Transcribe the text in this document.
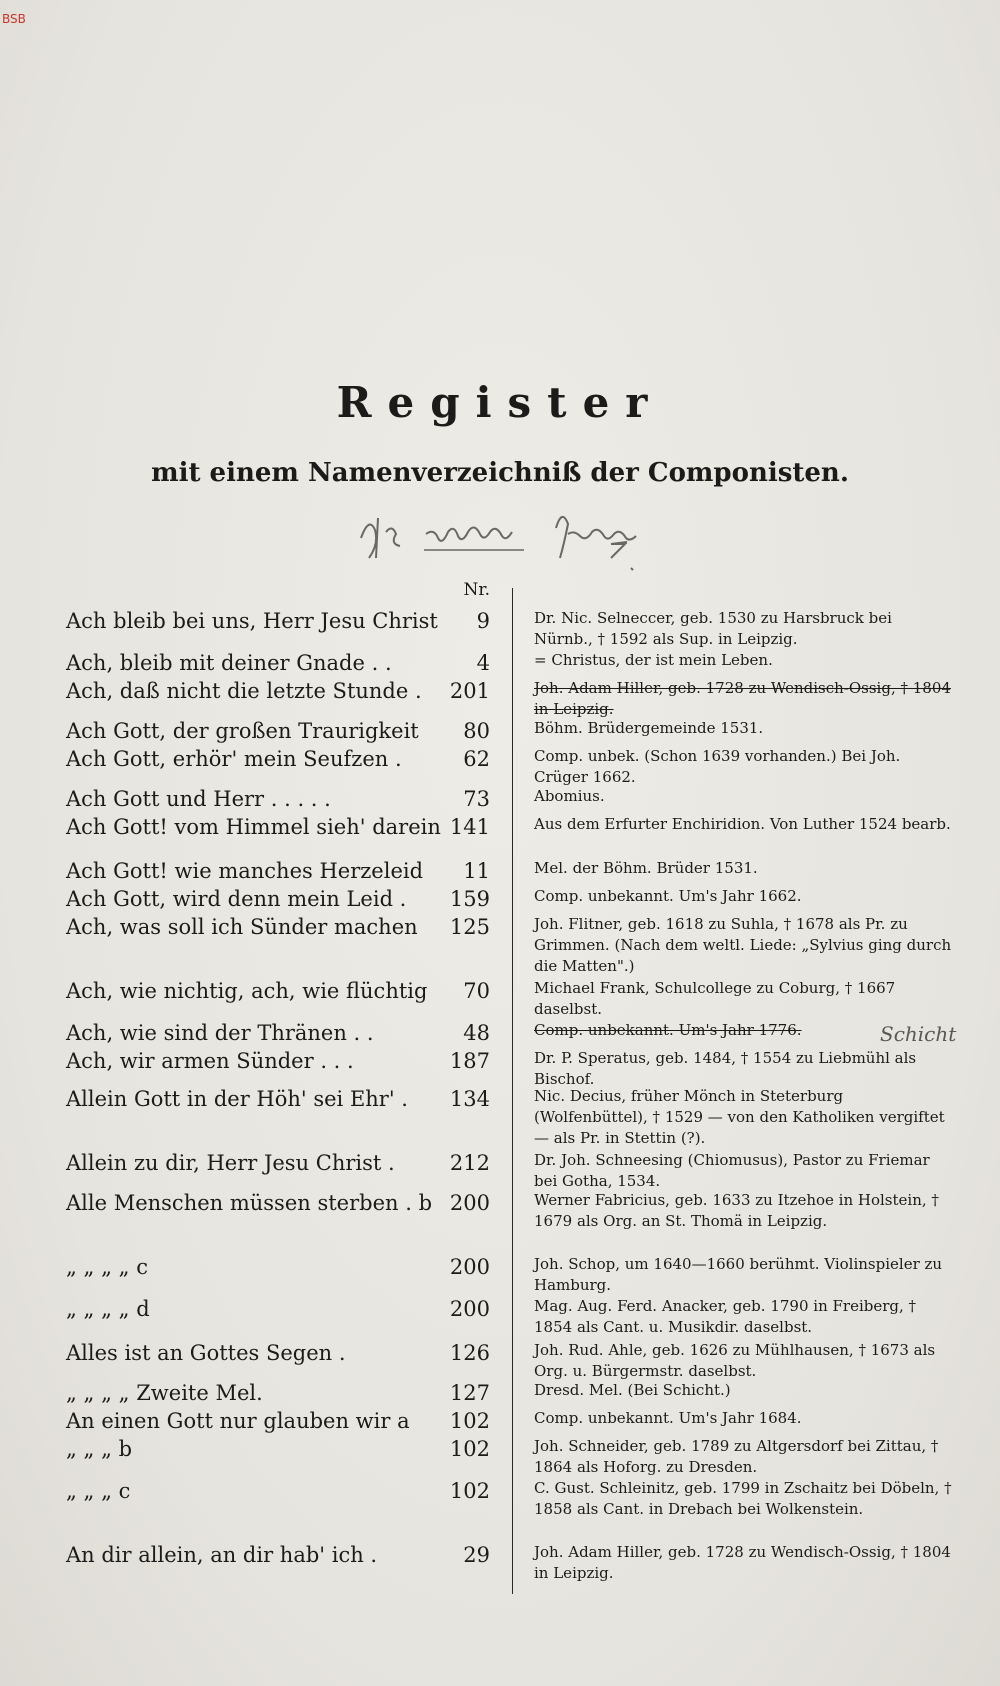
BSB
Register
mit einem Namenverzeichniß der Componisten.
Nr.
Schicht
Ach bleib bei uns, Herr Jesu Christ 9	Dr. Nic. Selneccer, geb. 1530 zu Harsbruck bei Nürnb., † 1592 als Sup. in Leipzig.
Ach, bleib mit deiner Gnade . .	4	= Christus, der ist mein Leben.
Ach, daß nicht die letzte Stunde . 201	Joh. Adam Hiller, geb. 1728 zu Wendisch-Ossig, † 1804 in Leipzig.
Ach Gott, der großen Traurigkeit 80	Böhm. Brüdergemeinde 1531.
Ach Gott, erhör' mein Seufzen .	62	Comp. unbek. (Schon 1639 vorhanden.) Bei Joh. Crüger 1662.
Ach Gott und Herr . . . . .	73	Abomius.
Ach Gott! vom Himmel sieh' darein 141	Aus dem Erfurter Enchiridion. Von Luther 1524 bearb.
Ach Gott! wie manches Herzeleid 11	Mel. der Böhm. Brüder 1531.
Ach Gott, wird denn mein Leid . 159	Comp. unbekannt. Um's Jahr 1662.
Ach, was soll ich Sünder machen 125	Joh. Flitner, geb. 1618 zu Suhla, † 1678 als Pr. zu Grimmen. (Nach dem weltl. Liede: „Sylvius ging durch die Matten".)
Ach, wie nichtig, ach, wie flüchtig 70	Michael Frank, Schulcollege zu Coburg, † 1667 daselbst.
Ach, wie sind der Thränen . .	48	Comp. unbekannt. Um's Jahr 1776.
Ach, wir armen Sünder . . .	187	Dr. P. Speratus, geb. 1484, † 1554 zu Liebmühl als Bischof.
Allein Gott in der Höh' sei Ehr' . 134	Nic. Decius, früher Mönch in Steterburg (Wolfenbüttel), † 1529 — von den Katholiken vergiftet — als Pr. in Stettin (?).
Allein zu dir, Herr Jesu Christ .	212	Dr. Joh. Schneesing (Chiomusus), Pastor zu Friemar bei Gotha, 1534.
Alle Menschen müssen sterben . b 200	Werner Fabricius, geb. 1633 zu Itzehoe in Holstein, † 1679 als Org. an St. Thomä in Leipzig.
„ „ „ „ c	200	Joh. Schop, um 1640—1660 berühmt. Violinspieler zu Hamburg.
„ „ „ „ d	200	Mag. Aug. Ferd. Anacker, geb. 1790 in Freiberg, † 1854 als Cant. u. Musikdir. daselbst.
Alles ist an Gottes Segen .	126	Joh. Rud. Ahle, geb. 1626 zu Mühlhausen, † 1673 als Org. u. Bürgermstr. daselbst.
„ „ „ „ Zweite Mel.	127	Dresd. Mel. (Bei Schicht.)
An einen Gott nur glauben wir a 102	Comp. unbekannt. Um's Jahr 1684.
„ „ „ b	102	Joh. Schneider, geb. 1789 zu Altgersdorf bei Zittau, † 1864 als Hoforg. zu Dresden.
„ „ „ c	102	C. Gust. Schleinitz, geb. 1799 in Zschaitz bei Döbeln, † 1858 als Cant. in Drebach bei Wolkenstein.
An dir allein, an dir hab' ich .	29	Joh. Adam Hiller, geb. 1728 zu Wendisch-Ossig, † 1804 in Leipzig.
